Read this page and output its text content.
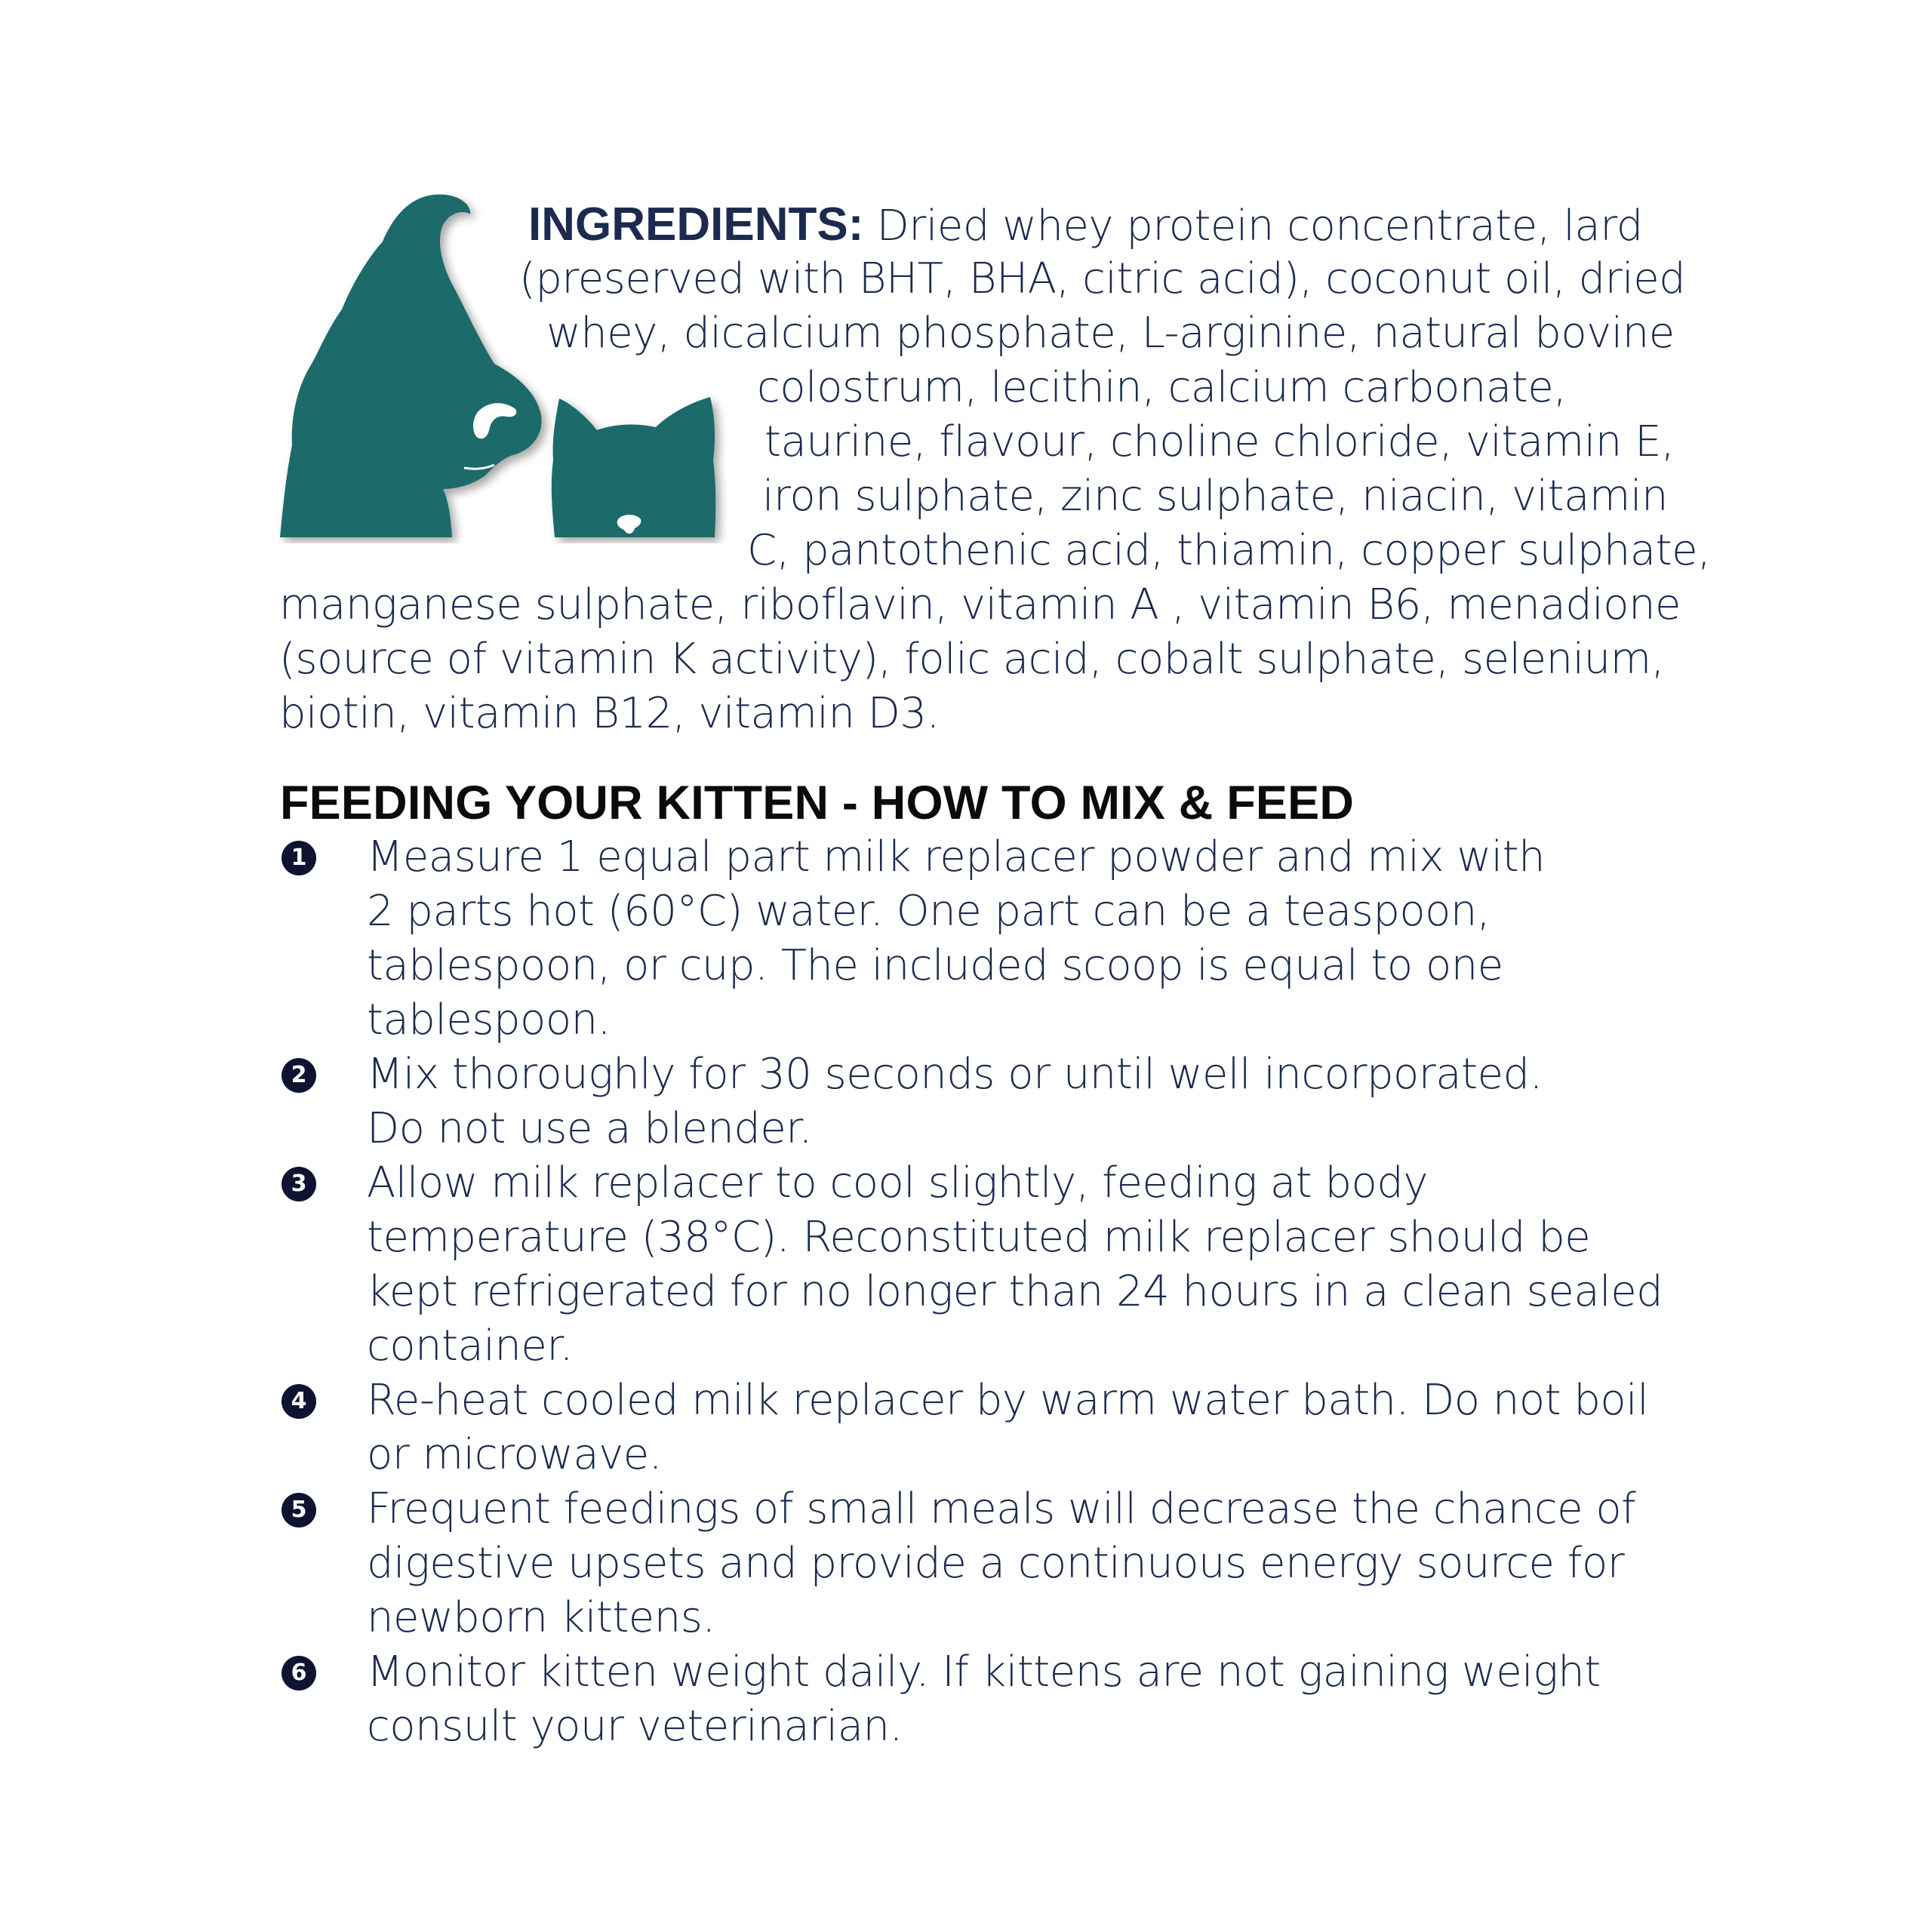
INGREDIENTS: Dried whey protein concentrate, lard
(preserved with BHT, BHA, citric acid), coconut oil, dried
whey, dicalcium phosphate, L-arginine, natural bovine
colostrum, lecithin, calcium carbonate,
taurine, flavour, choline chloride, vitamin E,
iron sulphate, zinc sulphate, niacin, vitamin
C, pantothenic acid, thiamin, copper sulphate,
manganese sulphate, riboflavin, vitamin A , vitamin B6, menadione
(source of vitamin K activity), folic acid, cobalt sulphate, selenium,
biotin, vitamin B12, vitamin D3.
FEEDING YOUR KITTEN - HOW TO MIX & FEED
1 Measure 1 equal part milk replacer powder and mix with
2 parts hot (60°C) water. One part can be a teaspoon,
tablespoon, or cup. The included scoop is equal to one
tablespoon.
2 Mix thoroughly for 30 seconds or until well incorporated.
Do not use a blender.
3 Allow milk replacer to cool slightly, feeding at body
temperature (38°C). Reconstituted milk replacer should be
kept refrigerated for no longer than 24 hours in a clean sealed
container.
4 Re-heat cooled milk replacer by warm water bath. Do not boil
or microwave.
5 Frequent feedings of small meals will decrease the chance of
digestive upsets and provide a continuous energy source for
newborn kittens.
6 Monitor kitten weight daily. If kittens are not gaining weight
consult your veterinarian.
